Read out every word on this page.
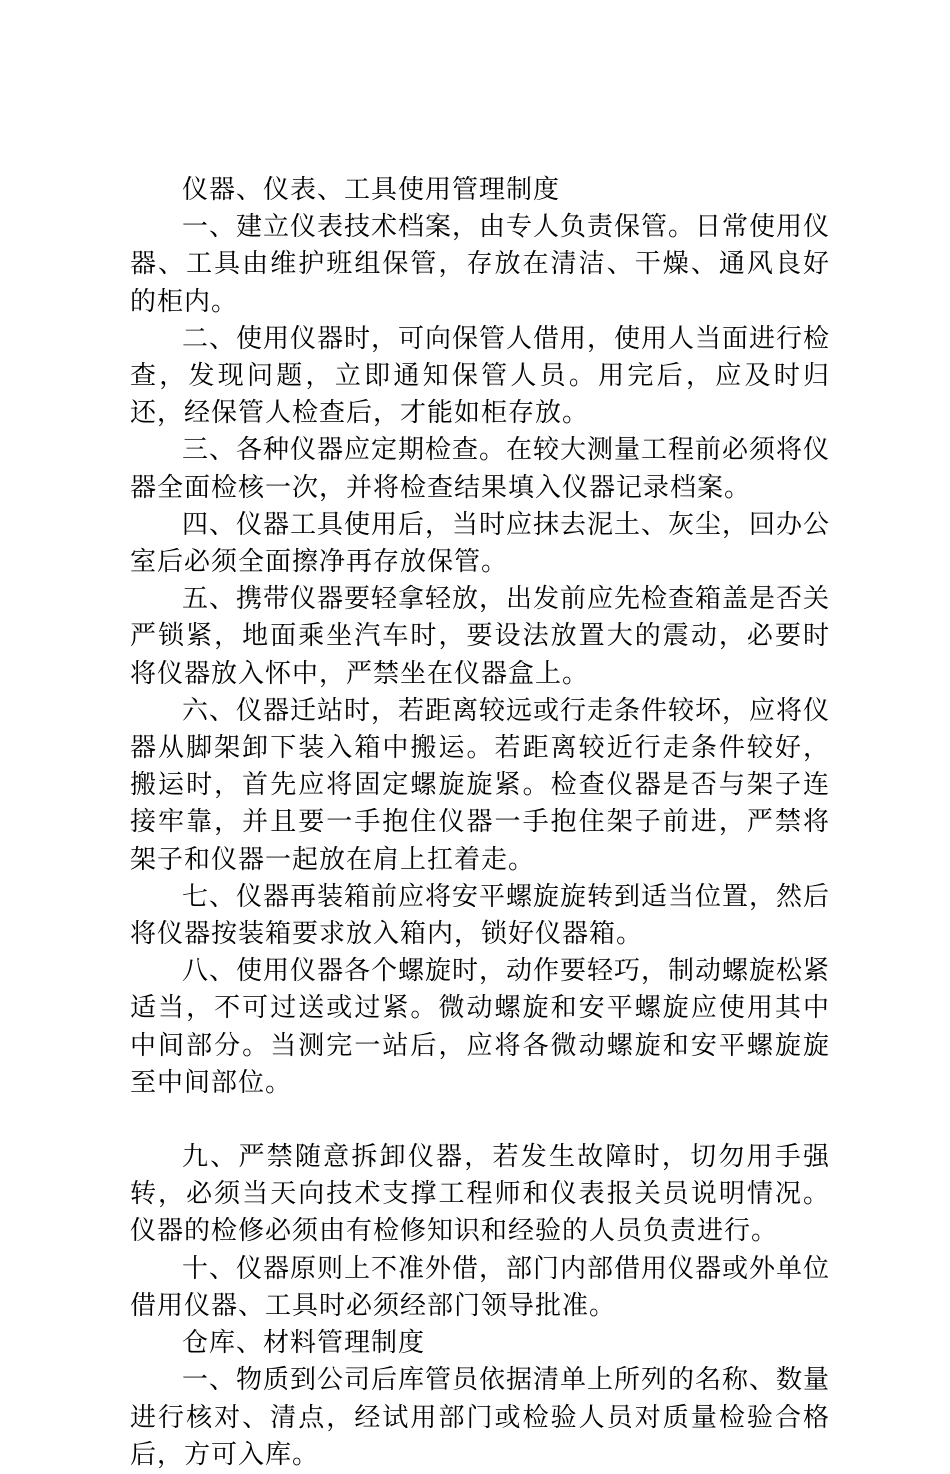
仪器、仪表、工具使用管理制度

一、建立仪表技术档案，由专人负责保管。日常使用仪器、工具由维护班组保管，存放在清洁、干燥、通风良好的柜内。

二、使用仪器时，可向保管人借用，使用人当面进行检查，发现问题，立即通知保管人员。用完后，应及时归还，经保管人检查后，才能如柜存放。

三、各种仪器应定期检查。在较大测量工程前必须将仪器全面检核一次，并将检查结果填入仪器记录档案。

四、仪器工具使用后，当时应抹去泥土、灰尘，回办公室后必须全面擦净再存放保管。

五、携带仪器要轻拿轻放，出发前应先检查箱盖是否关严锁紧，地面乘坐汽车时，要设法放置大的震动，必要时将仪器放入怀中，严禁坐在仪器盒上。

六、仪器迁站时，若距离较远或行走条件较坏，应将仪器从脚架卸下装入箱中搬运。若距离较近行走条件较好，搬运时，首先应将固定螺旋旋紧。检查仪器是否与架子连接牢靠，并且要一手抱住仪器一手抱住架子前进，严禁将架子和仪器一起放在肩上扛着走。

七、仪器再装箱前应将安平螺旋旋转到适当位置，然后将仪器按装箱要求放入箱内，锁好仪器箱。

八、使用仪器各个螺旋时，动作要轻巧，制动螺旋松紧适当，不可过送或过紧。微动螺旋和安平螺旋应使用其中中间部分。当测完一站后，应将各微动螺旋和安平螺旋旋至中间部位。

九、严禁随意拆卸仪器，若发生故障时，切勿用手强转，必须当天向技术支撑工程师和仪表报关员说明情况。仪器的检修必须由有检修知识和经验的人员负责进行。

十、仪器原则上不准外借，部门内部借用仪器或外单位借用仪器、工具时必须经部门领导批准。

仓库、材料管理制度

一、物质到公司后库管员依据清单上所列的名称、数量进行核对、清点，经试用部门或检验人员对质量检验合格后，方可入库。
